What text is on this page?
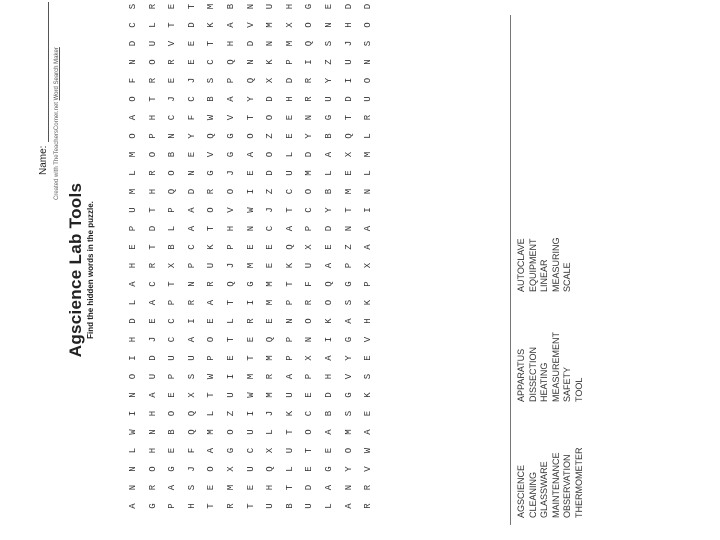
Name: Created with TheTeachersCorner.net Word Search Maker
Agscience Lab Tools Find the hidden words in the puzzle.
A G P H T R T U B U L A R
N R A S E M E H T D A N R
N O G J O X U Q L E G Y V
L H E F A G C X U T E O W
W N B Q M O U L T O A M A
I H O Q L Z I J K C B S E
N A E X T U W M U E D G K
O U P S W I M R A P H V S
I D U U P E T M P X A Y E
H J C A O T E Q P N I G V
D E C I E L R E N O K A H
L A P R A T I M P R O S K
A C T N R Q G M T F Q G P
H R X P U J M E K U A P X
E T B C K P E E Q X E Z A
P D L A T H N C A P D N A
U T P A O V W J T C Y T I
M H Q D R O I Z C O B M N
L R O N G J E D U M L E L
M O B E V G A O L D A X M
O P N Y Q G O Z E Y B Q L
A H C F W V T O E N G T R
O T J C B A Y D H R U D U
F R E J S P Q X D R Y I O
N O R E C Q N K P I Z U N
D U V E T H D N M Q S J S
C L T D K A V M X O N H O
S R E T M B N U H G E D D
AGSCIENCE CLEANING GLASSWARE MAINTENANCE OBSERVATION THERMOMETER
APPARATUS DISSECTION HEATING MEASUREMENT SAFETY TOOL
AUTOCLAVE EQUIPMENT LINEAR MEASURING SCALE
